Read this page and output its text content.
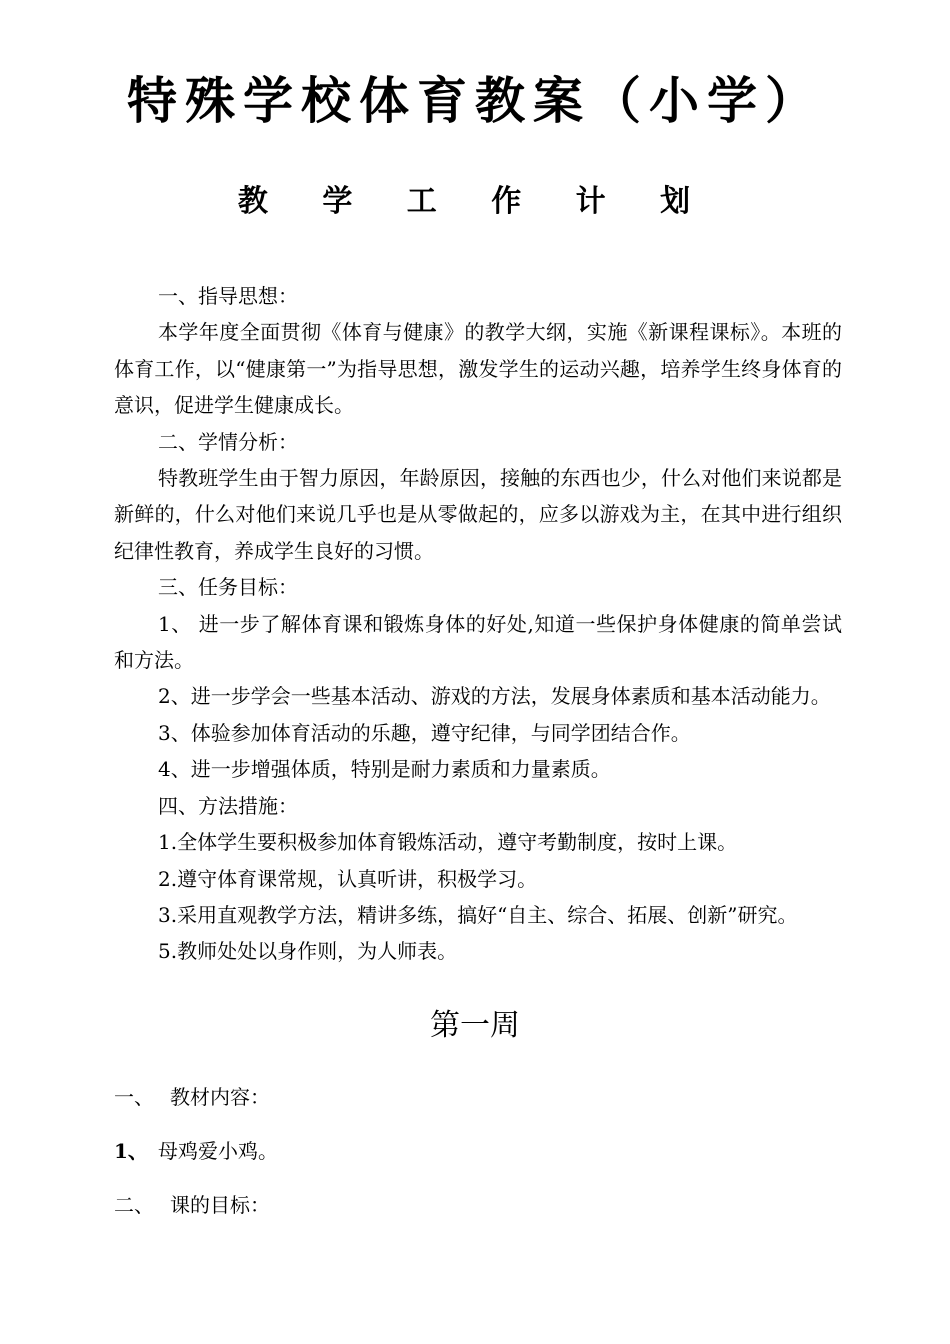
特殊学校体育教案（小学）
教 学 工 作 计 划

一、指导思想：

本学年度全面贯彻《体育与健康》的教学大纲，实施《新课程课标》。本班的体育工作，以“健康第一”为指导思想，激发学生的运动兴趣，培养学生终身体育的意识，促进学生健康成长。

二、学情分析：

特教班学生由于智力原因，年龄原因，接触的东西也少，什么对他们来说都是新鲜的，什么对他们来说几乎也是从零做起的，应多以游戏为主，在其中进行组织纪律性教育，养成学生良好的习惯。

三、任务目标：

1、 进一步了解体育课和锻炼身体的好处,知道一些保护身体健康的简单尝试和方法。

2、进一步学会一些基本活动、游戏的方法，发展身体素质和基本活动能力。

3、体验参加体育活动的乐趣，遵守纪律，与同学团结合作。

4、进一步增强体质，特别是耐力素质和力量素质。

四、方法措施：

1.全体学生要积极参加体育锻炼活动，遵守考勤制度，按时上课。

2.遵守体育课常规，认真听讲，积极学习。

3.采用直观教学方法，精讲多练，搞好“自主、综合、拓展、创新”研究。

5.教师处处以身作则，为人师表。

第一周
一、 教材内容：
1、 母鸡爱小鸡。
二、 课的目标：
